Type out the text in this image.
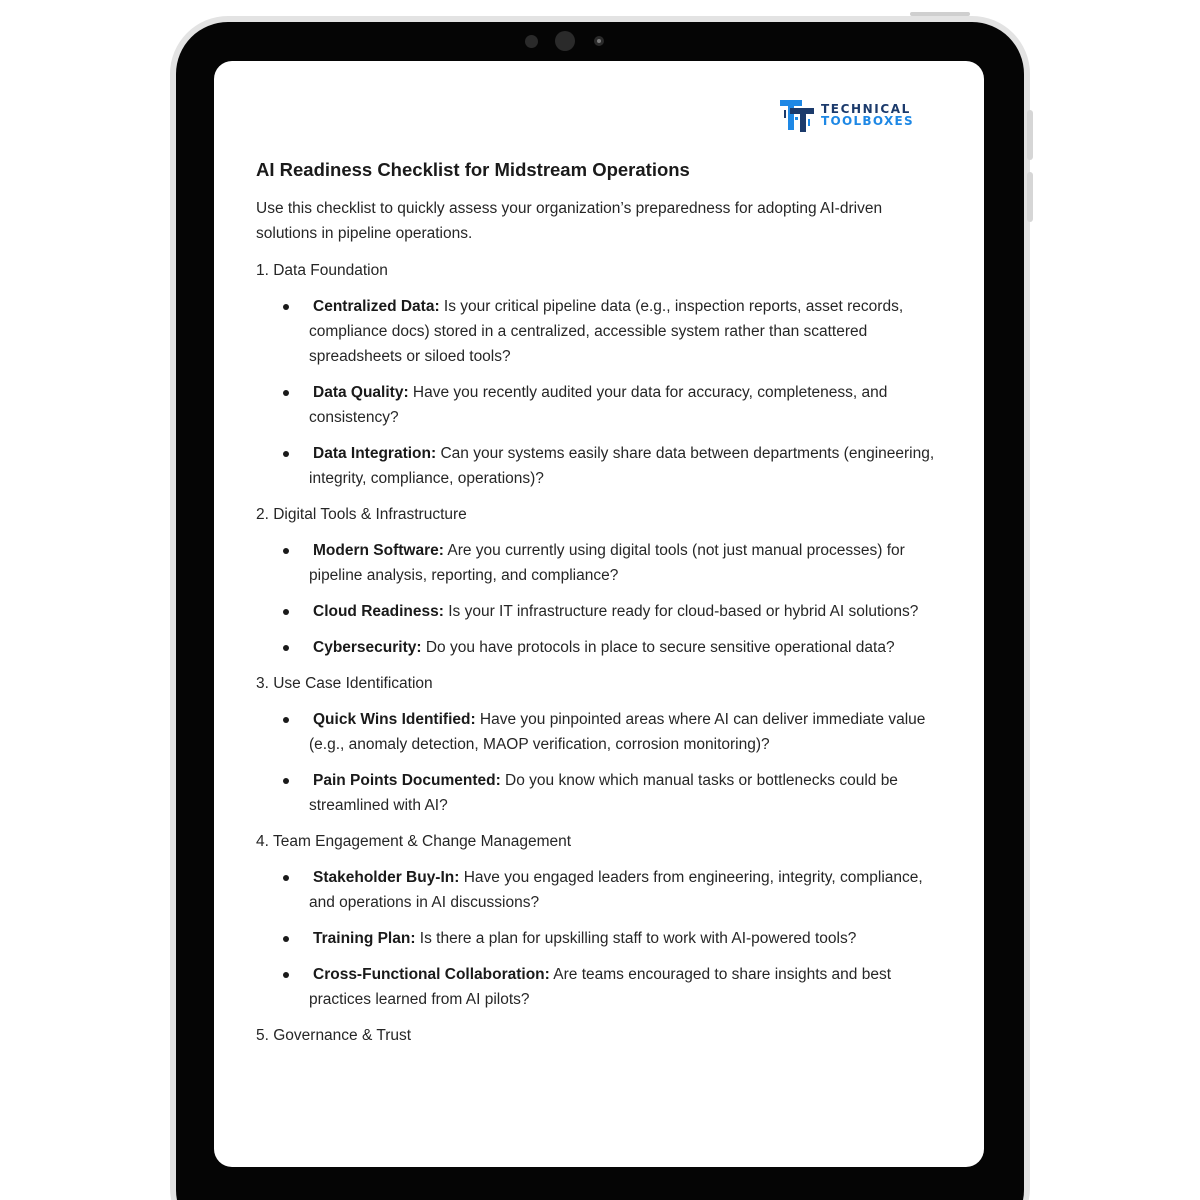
TECHNICAL
TOOLBOXES
AI Readiness Checklist for Midstream Operations

Use this checklist to quickly assess your organization’s preparedness for adopting AI-driven solutions in pipeline operations.

1. Data Foundation

Centralized Data: Is your critical pipeline data (e.g., inspection reports, asset records, compliance docs) stored in a centralized, accessible system rather than scattered spreadsheets or siloed tools?
Data Quality: Have you recently audited your data for accuracy, completeness, and consistency?
Data Integration: Can your systems easily share data between departments (engineering, integrity, compliance, operations)?

2. Digital Tools & Infrastructure

Modern Software: Are you currently using digital tools (not just manual processes) for pipeline analysis, reporting, and compliance?
Cloud Readiness: Is your IT infrastructure ready for cloud-based or hybrid AI solutions?
Cybersecurity: Do you have protocols in place to secure sensitive operational data?

3. Use Case Identification

Quick Wins Identified: Have you pinpointed areas where AI can deliver immediate value (e.g., anomaly detection, MAOP verification, corrosion monitoring)?
Pain Points Documented: Do you know which manual tasks or bottlenecks could be streamlined with AI?

4. Team Engagement & Change Management

Stakeholder Buy-In: Have you engaged leaders from engineering, integrity, compliance, and operations in AI discussions?
Training Plan: Is there a plan for upskilling staff to work with AI-powered tools?
Cross-Functional Collaboration: Are teams encouraged to share insights and best practices learned from AI pilots?

5. Governance & Trust
